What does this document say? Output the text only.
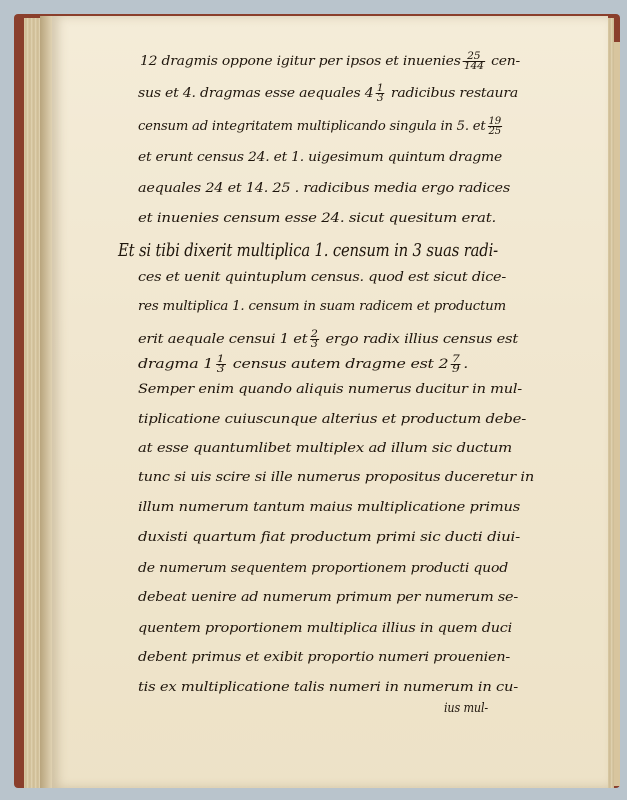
12 dragmis oppone igitur per ipsos et inuenies $\frac{25}{144} cen-$
sus et 4. dragmas esse aequales $4 \frac{1}{3}$ radicibus restaura
censum ad integritatem multiplicando singula in 5. et $\frac{19}{25}$
et erunt census 24. et 1. uigesimum quintum dragme
aequales 24 et 14. 25 . radicibus media ergo radices
et inuenies censum esse 24. sicut quesitum erat.
Et si tibi dixerit multiplica 1. censum in 3 suas radi-
ces et uenit quintuplum census. quod est sicut dice-
res multiplica 1. censum in suam radicem et productum
erit aequale censui 1 et $\frac{2}{3}$ ergo radix illius census est
dragma $1 \frac{1}{3}$ census autem dragme est $2 \frac{7}{9}$ .
Semper enim quando aliquis numerus ducitur in mul-
tiplicatione cuiuscunque alterius et productum debe-
at esse quantumlibet multiplex ad illum sic ductum
tunc si uis scire si ille numerus propositus duceretur in
illum numerum tantum maius multiplicatione primus
duxisti quartum fiat productum primi sic ducti diui-
de numerum sequentem proportionem producti quod
debeat uenire ad numerum primum per numerum se-
quentem proportionem multiplica illius in quem duci
debent primus et exibit proportio numeri prouenien-
tis ex multiplicatione talis numeri in numerum in cu-
ius mul-
